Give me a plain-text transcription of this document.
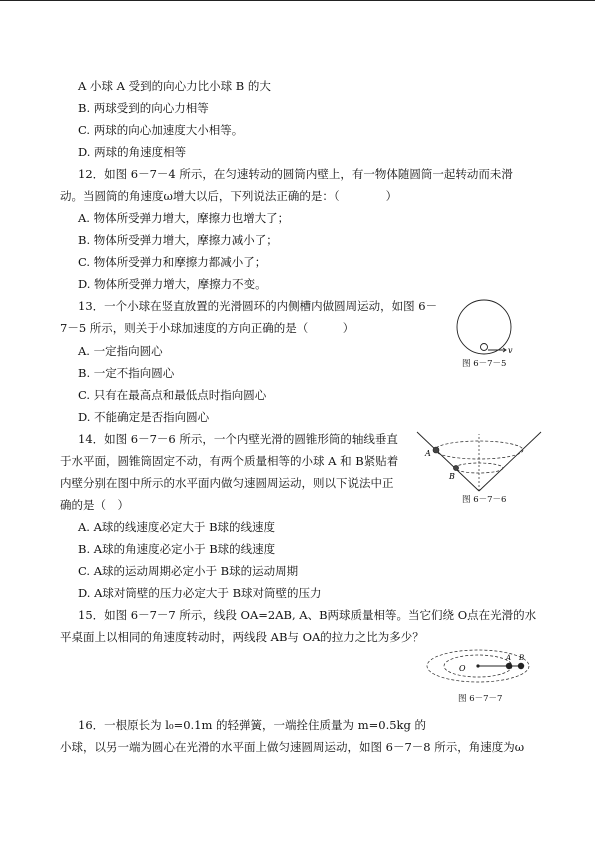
A 小球 A 受到的向心力比小球 B 的大
B. 两球受到的向心力相等
C. 两球的向心加速度大小相等。
D. 两球的角速度相等
12．如图 6－7－4 所示，在匀速转动的圆筒内壁上，有一物体随圆筒一起转动而未滑
动。当圆筒的角速度ω增大以后，下列说法正确的是：（　　　　）
A. 物体所受弹力增大，摩擦力也增大了；
B. 物体所受弹力增大，摩擦力减小了；
C. 物体所受弹力和摩擦力都减小了；
D. 物体所受弹力增大，摩擦力不变。
13．一个小球在竖直放置的光滑圆环的内侧槽内做圆周运动，如图 6－
7－5 所示，则关于小球加速度的方向正确的是（　　　）
A. 一定指向圆心
B. 一定不指向圆心
C. 只有在最高点和最低点时指向圆心
D. 不能确定是否指向圆心
v
图 6－7－5
14．如图 6－7－6 所示，一个内壁光滑的圆锥形筒的轴线垂直
于水平面，圆锥筒固定不动，有两个质量相等的小球 A 和 B紧贴着
内壁分别在图中所示的水平面内做匀速圆周运动，则以下说法中正
确的是（　）
A. A球的线速度必定大于 B球的线速度
B. A球的角速度必定小于 B球的线速度
C. A球的运动周期必定小于 B球的运动周期
D. A球对筒壁的压力必定大于 B球对筒壁的压力
A
B
图 6－7－6
15．如图 6－7－7 所示，线段 OA=2AB, A、B两球质量相等。当它们绕 O点在光滑的水
平桌面上以相同的角速度转动时，两线段 AB与 OA的拉力之比为多少？
O
A B
图 6－7－7
16．一根原长为 l₀=0.1m 的轻弹簧，一端拴住质量为 m=0.5kg 的
小球，以另一端为圆心在光滑的水平面上做匀速圆周运动，如图 6－7－8 所示，角速度为ω
